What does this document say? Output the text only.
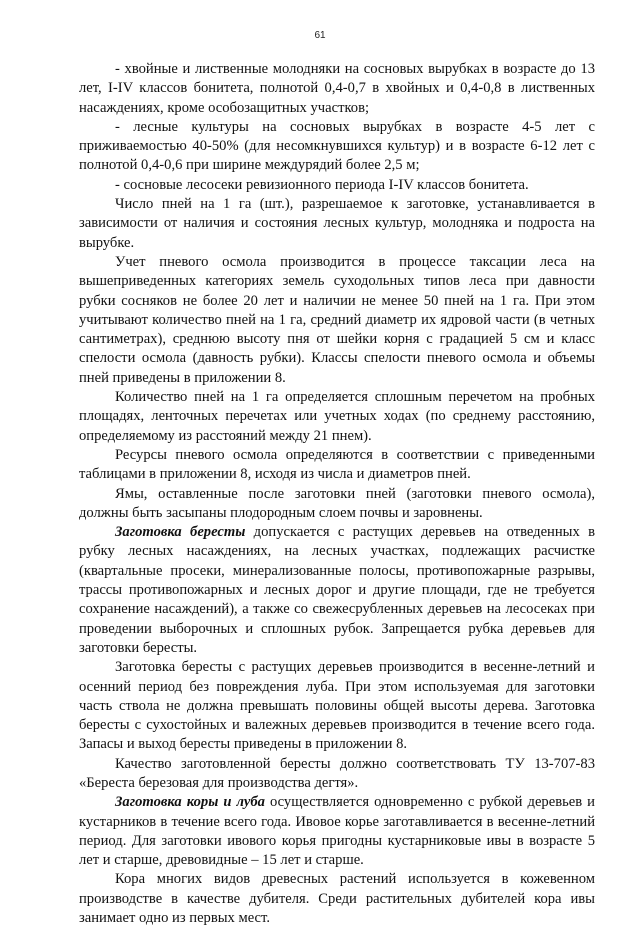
61

- хвойные и лиственные молодняки на сосновых вырубках в возрасте до 13 лет, I-IV классов бонитета, полнотой 0,4-0,7 в хвойных и 0,4-0,8 в лиственных насаждениях, кроме особозащитных участков;

- лесные культуры на сосновых вырубках в возрасте 4-5 лет с приживаемостью 40-50% (для несомкнувшихся культур) и в возрасте 6-12 лет с полнотой 0,4-0,6 при ширине междурядий более 2,5 м;

- сосновые лесосеки ревизионного периода I-IV классов бонитета.

Число пней на 1 га (шт.), разрешаемое к заготовке, устанавливается в зависимости от наличия и состояния лесных культур, молодняка и подроста на вырубке.

Учет пневого осмола производится в процессе таксации леса на вышеприведенных категориях земель суходольных типов леса при давности рубки сосняков не более 20 лет и наличии не менее 50 пней на 1 га. При этом учитывают количество пней на 1 га, средний диаметр их ядровой части (в четных сантиметрах), среднюю высоту пня от шейки корня с градацией 5 см и класс спелости осмола (давность рубки). Классы спелости пневого осмола и объемы пней приведены в приложении 8.

Количество пней на 1 га определяется сплошным перечетом на пробных площадях, ленточных перечетах или учетных ходах (по среднему расстоянию, определяемому из расстояний между 21 пнем).

Ресурсы пневого осмола определяются в соответствии с приведенными таблицами в приложении 8, исходя из числа и диаметров пней.

Ямы, оставленные после заготовки пней (заготовки пневого осмола), должны быть засыпаны плодородным слоем почвы и заровнены.

Заготовка бересты допускается с растущих деревьев на отведенных в рубку лесных насаждениях, на лесных участках, подлежащих расчистке (квартальные просеки, минерализованные полосы, противопожарные разрывы, трассы противопожарных и лесных дорог и другие площади, где не требуется сохранение насаждений), а также со свежесрубленных деревьев на лесосеках при проведении выборочных и сплошных рубок. Запрещается рубка деревьев для заготовки бересты.

Заготовка бересты с растущих деревьев производится в весенне-летний и осенний период без повреждения луба. При этом используемая для заготовки часть ствола не должна превышать половины общей высоты дерева. Заготовка бересты с сухостойных и валежных деревьев производится в течение всего года. Запасы и выход бересты приведены в приложении 8.

Качество заготовленной бересты должно соответствовать ТУ 13-707-83 «Береста березовая для производства дегтя».

Заготовка коры и луба осуществляется одновременно с рубкой деревьев и кустарников в течение всего года. Ивовое корье заготавливается в весенне-летний период. Для заготовки ивового корья пригодны кустарниковые ивы в возрасте 5 лет и старше, древовидные – 15 лет и старше.

Кора многих видов древесных растений используется в кожевенном производстве в качестве дубителя. Среди растительных дубителей кора ивы занимает одно из первых мест.
